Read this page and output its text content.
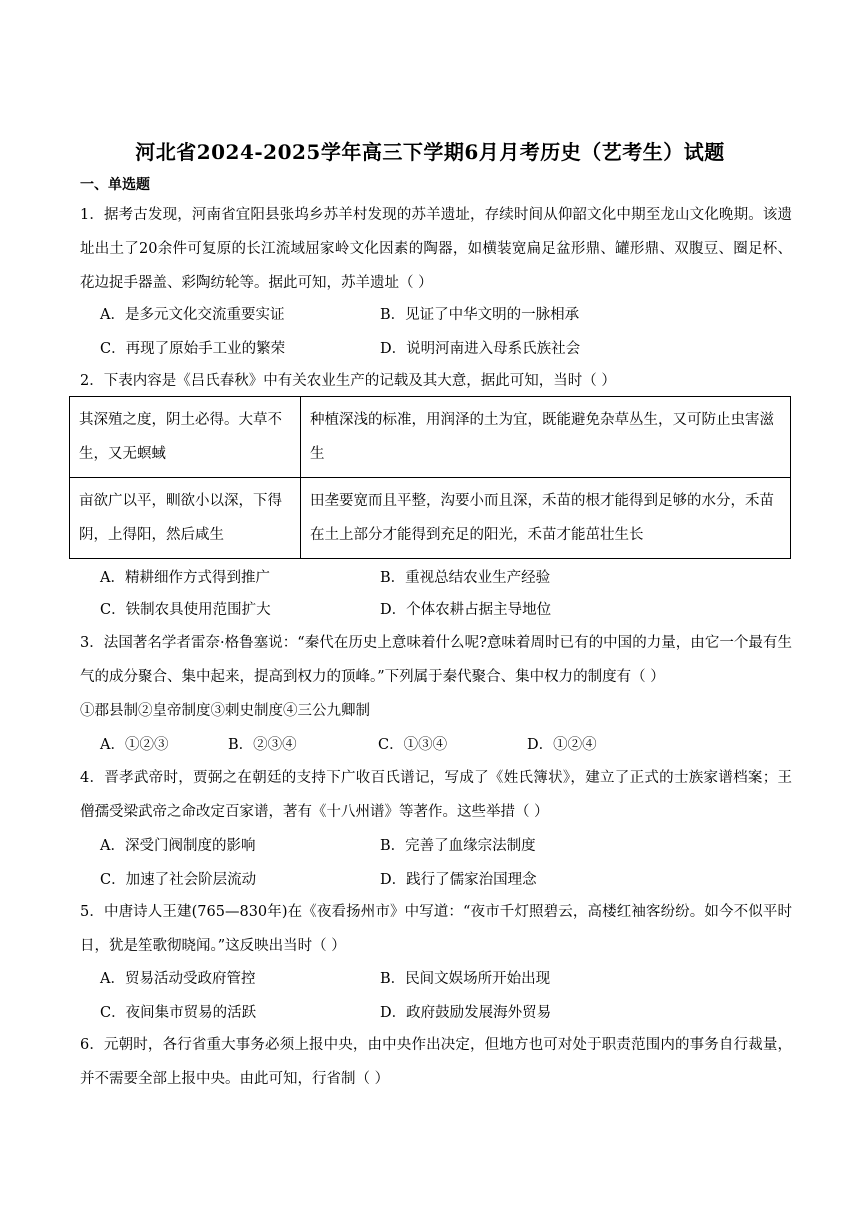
河北省2024-2025学年高三下学期6月月考历史（艺考生）试题
一、单选题
1．据考古发现，河南省宜阳县张坞乡苏羊村发现的苏羊遗址，存续时间从仰韶文化中期至龙山文化晚期。该遗址出土了20余件可复原的长江流域屈家岭文化因素的陶器，如横装宽扁足盆形鼎、罐形鼎、双腹豆、圈足杯、花边捉手器盖、彩陶纺轮等。据此可知，苏羊遗址（ ）
A．是多元文化交流重要实证	B．见证了中华文明的一脉相承
C．再现了原始手工业的繁荣	D．说明河南进入母系氏族社会
2．下表内容是《吕氏春秋》中有关农业生产的记载及其大意，据此可知，当时（ ）
其深殖之度，阴土必得。大草不生，又无螟蜮	种植深浅的标准，用润泽的土为宜，既能避免杂草丛生，又可防止虫害滋生
亩欲广以平，甽欲小以深，下得阴，上得阳，然后咸生	田垄要宽而且平整，沟要小而且深，禾苗的根才能得到足够的水分，禾苗在土上部分才能得到充足的阳光，禾苗才能茁壮生长
A．精耕细作方式得到推广	B．重视总结农业生产经验
C．铁制农具使用范围扩大	D．个体农耕占据主导地位
3．法国著名学者雷奈·格鲁塞说：“秦代在历史上意味着什么呢?意味着周时已有的中国的力量，由它一个最有生气的成分聚合、集中起来，提高到权力的顶峰。”下列属于秦代聚合、集中权力的制度有（ ）
①郡县制②皇帝制度③刺史制度④三公九卿制
A．①②③	B．②③④	C．①③④	D．①②④
4．晋孝武帝时，贾弼之在朝廷的支持下广收百氏谱记，写成了《姓氏簿状》，建立了正式的士族家谱档案；王僧孺受梁武帝之命改定百家谱，著有《十八州谱》等著作。这些举措（ ）
A．深受门阀制度的影响	B．完善了血缘宗法制度
C．加速了社会阶层流动	D．践行了儒家治国理念
5．中唐诗人王建(765—830年)在《夜看扬州市》中写道：“夜市千灯照碧云，高楼红袖客纷纷。如今不似平时日，犹是笙歌彻晓闻。”这反映出当时（ ）
A．贸易活动受政府管控	B．民间文娱场所开始出现
C．夜间集市贸易的活跃	D．政府鼓励发展海外贸易
6．元朝时，各行省重大事务必须上报中央，由中央作出决定，但地方也可对处于职责范围内的事务自行裁量，并不需要全部上报中央。由此可知，行省制（ ）
